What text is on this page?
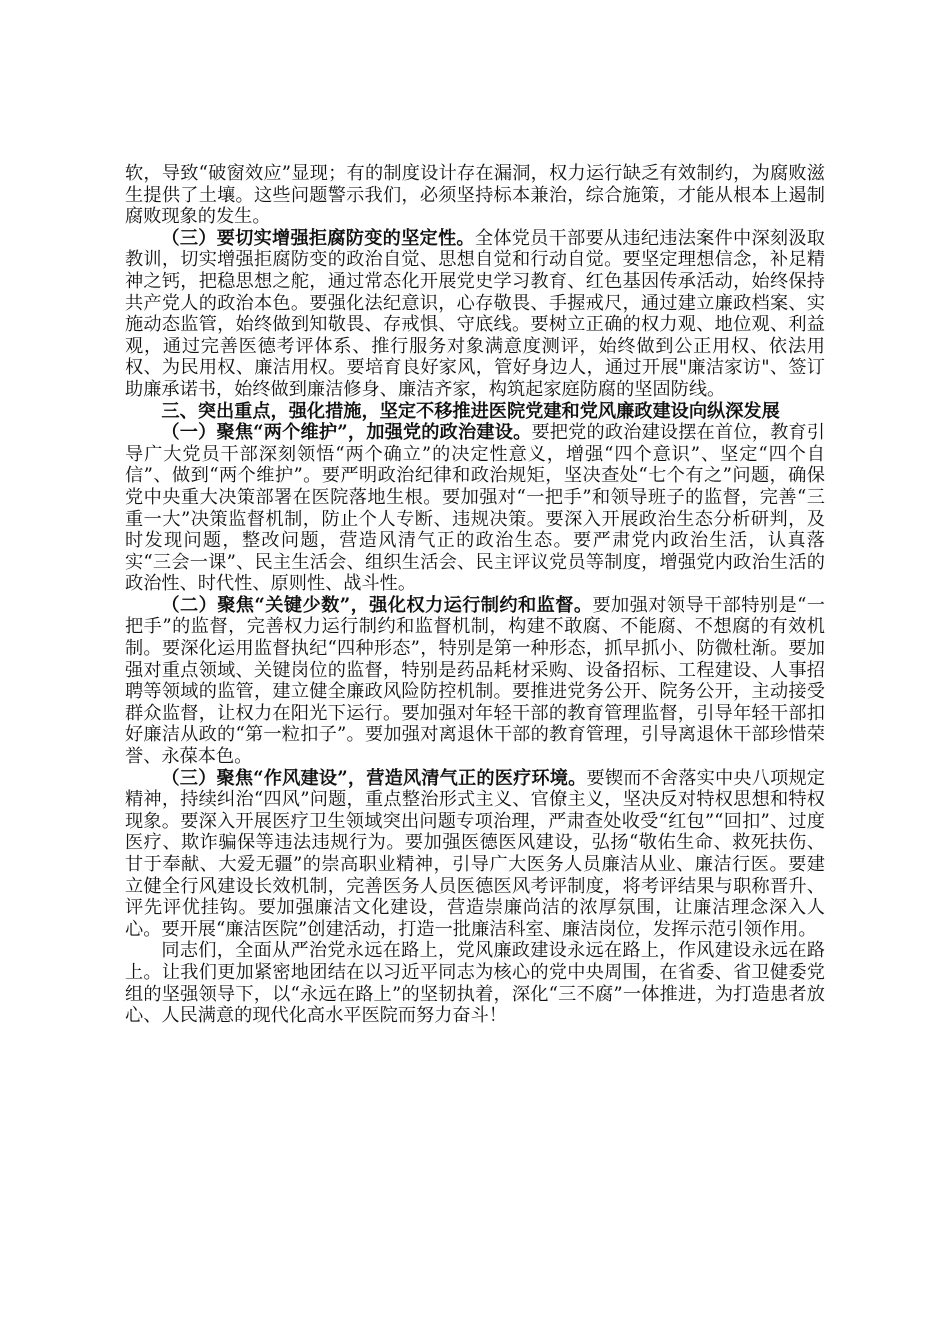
软，导致“破窗效应”显现；有的制度设计存在漏洞，权力运行缺乏有效制约，为腐败滋生提供了土壤。这些问题警示我们，必须坚持标本兼治，综合施策，才能从根本上遏制腐败现象的发生。

（三）要切实增强拒腐防变的坚定性。全体党员干部要从违纪违法案件中深刻汲取教训，切实增强拒腐防变的政治自觉、思想自觉和行动自觉。要坚定理想信念，补足精神之钙，把稳思想之舵，通过常态化开展党史学习教育、红色基因传承活动，始终保持共产党人的政治本色。要强化法纪意识，心存敬畏、手握戒尺，通过建立廉政档案、实施动态监管，始终做到知敬畏、存戒惧、守底线。要树立正确的权力观、地位观、利益观，通过完善医德考评体系、推行服务对象满意度测评，始终做到公正用权、依法用权、为民用权、廉洁用权。要培育良好家风，管好身边人，通过开展"廉洁家访"、签订助廉承诺书，始终做到廉洁修身、廉洁齐家，构筑起家庭防腐的坚固防线。

三、突出重点，强化措施，坚定不移推进医院党建和党风廉政建设向纵深发展

（一）聚焦“两个维护”，加强党的政治建设。要把党的政治建设摆在首位，教育引导广大党员干部深刻领悟“两个确立”的决定性意义，增强“四个意识”、坚定“四个自信”、做到“两个维护”。要严明政治纪律和政治规矩，坚决查处“七个有之”问题，确保党中央重大决策部署在医院落地生根。要加强对“一把手”和领导班子的监督，完善“三重一大”决策监督机制，防止个人专断、违规决策。要深入开展政治生态分析研判，及时发现问题，整改问题，营造风清气正的政治生态。要严肃党内政治生活，认真落实“三会一课”、民主生活会、组织生活会、民主评议党员等制度，增强党内政治生活的政治性、时代性、原则性、战斗性。

（二）聚焦“关键少数”，强化权力运行制约和监督。要加强对领导干部特别是“一把手”的监督，完善权力运行制约和监督机制，构建不敢腐、不能腐、不想腐的有效机制。要深化运用监督执纪“四种形态”，特别是第一种形态，抓早抓小、防微杜渐。要加强对重点领域、关键岗位的监督，特别是药品耗材采购、设备招标、工程建设、人事招聘等领域的监管，建立健全廉政风险防控机制。要推进党务公开、院务公开，主动接受群众监督，让权力在阳光下运行。要加强对年轻干部的教育管理监督，引导年轻干部扣好廉洁从政的“第一粒扣子”。要加强对离退休干部的教育管理，引导离退休干部珍惜荣誉、永葆本色。

（三）聚焦“作风建设”，营造风清气正的医疗环境。要锲而不舍落实中央八项规定精神，持续纠治“四风”问题，重点整治形式主义、官僚主义，坚决反对特权思想和特权现象。要深入开展医疗卫生领域突出问题专项治理，严肃查处收受“红包”“回扣”、过度医疗、欺诈骗保等违法违规行为。要加强医德医风建设，弘扬“敬佑生命、救死扶伤、甘于奉献、大爱无疆”的崇高职业精神，引导广大医务人员廉洁从业、廉洁行医。要建立健全行风建设长效机制，完善医务人员医德医风考评制度，将考评结果与职称晋升、评先评优挂钩。要加强廉洁文化建设，营造崇廉尚洁的浓厚氛围，让廉洁理念深入人心。要开展“廉洁医院”创建活动，打造一批廉洁科室、廉洁岗位，发挥示范引领作用。

同志们，全面从严治党永远在路上，党风廉政建设永远在路上，作风建设永远在路上。让我们更加紧密地团结在以习近平同志为核心的党中央周围，在省委、省卫健委党组的坚强领导下，以“永远在路上”的坚韧执着，深化“三不腐”一体推进，为打造患者放心、人民满意的现代化高水平医院而努力奋斗！
